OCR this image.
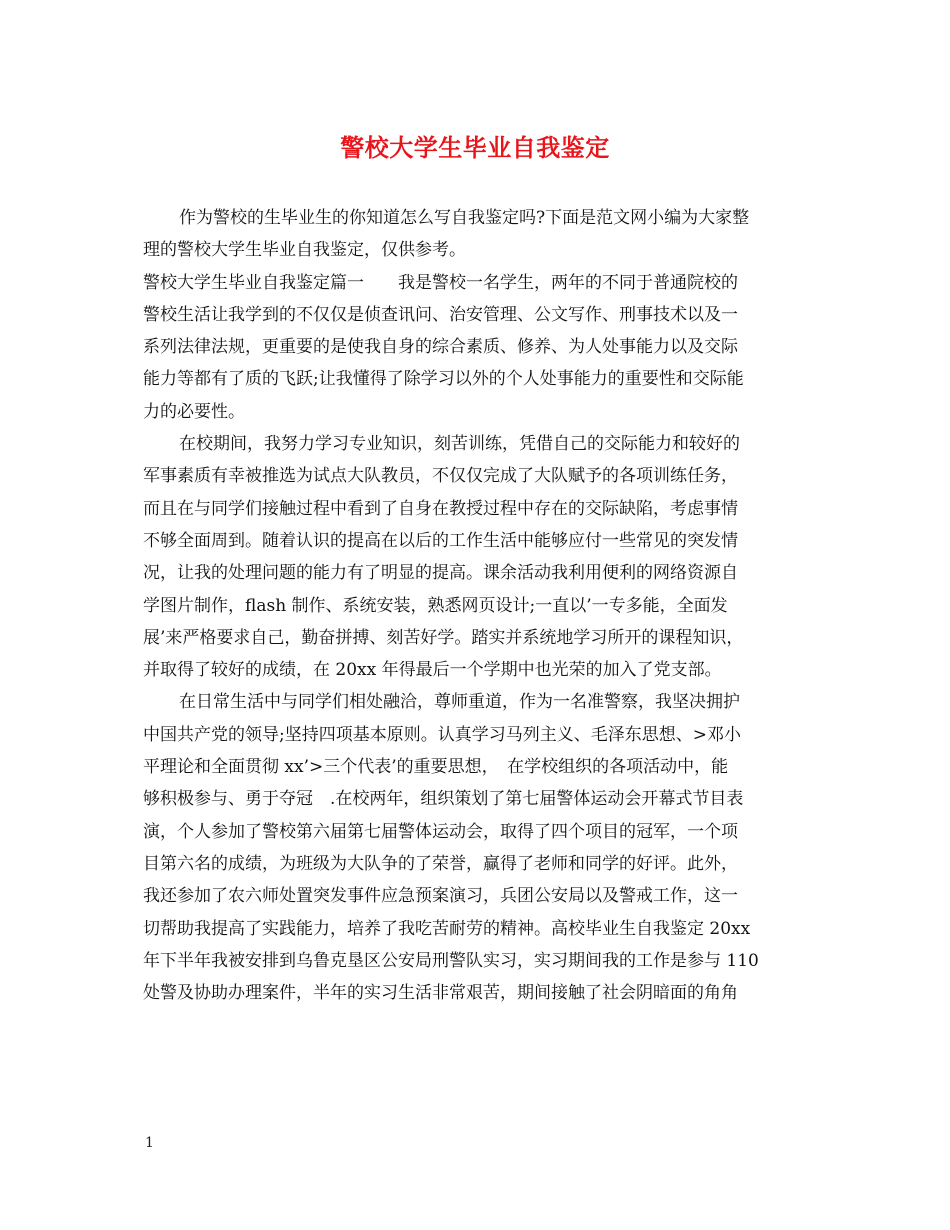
警校大学生毕业自我鉴定
作为警校的生毕业生的你知道怎么写自我鉴定吗?下面是范文网小编为大家整
理的警校大学生毕业自我鉴定，仅供参考。
警校大学生毕业自我鉴定篇一　　我是警校一名学生，两年的不同于普通院校的
警校生活让我学到的不仅仅是侦查讯问、治安管理、公文写作、刑事技术以及一
系列法律法规，更重要的是使我自身的综合素质、修养、为人处事能力以及交际
能力等都有了质的飞跃;让我懂得了除学习以外的个人处事能力的重要性和交际能
力的必要性。
在校期间，我努力学习专业知识，刻苦训练，凭借自己的交际能力和较好的
军事素质有幸被推选为试点大队教员，不仅仅完成了大队赋予的各项训练任务，
而且在与同学们接触过程中看到了自身在教授过程中存在的交际缺陷，考虑事情
不够全面周到。随着认识的提高在以后的工作生活中能够应付一些常见的突发情
况，让我的处理问题的能力有了明显的提高。课余活动我利用便利的网络资源自
学图片制作，flash 制作、系统安装，熟悉网页设计;一直以’一专多能，全面发
展’来严格要求自己，勤奋拼搏、刻苦好学。踏实并系统地学习所开的课程知识，
并取得了较好的成绩，在 20xx 年得最后一个学期中也光荣的加入了党支部。
在日常生活中与同学们相处融洽，尊师重道，作为一名准警察，我坚决拥护
中国共产党的领导;坚持四项基本原则。认真学习马列主义、毛泽东思想、>邓小
平理论和全面贯彻 xx’>三个代表’的重要思想，　在学校组织的各项活动中，能
够积极参与、勇于夺冠　.在校两年，组织策划了第七届警体运动会开幕式节目表
演，个人参加了警校第六届第七届警体运动会，取得了四个项目的冠军，一个项
目第六名的成绩，为班级为大队争的了荣誉，赢得了老师和同学的好评。此外，
我还参加了农六师处置突发事件应急预案演习，兵团公安局以及警戒工作，这一
切帮助我提高了实践能力，培养了我吃苦耐劳的精神。高校毕业生自我鉴定 20xx
年下半年我被安排到乌鲁克垦区公安局刑警队实习，实习期间我的工作是参与 110
处警及协助办理案件，半年的实习生活非常艰苦，期间接触了社会阴暗面的角角
1
